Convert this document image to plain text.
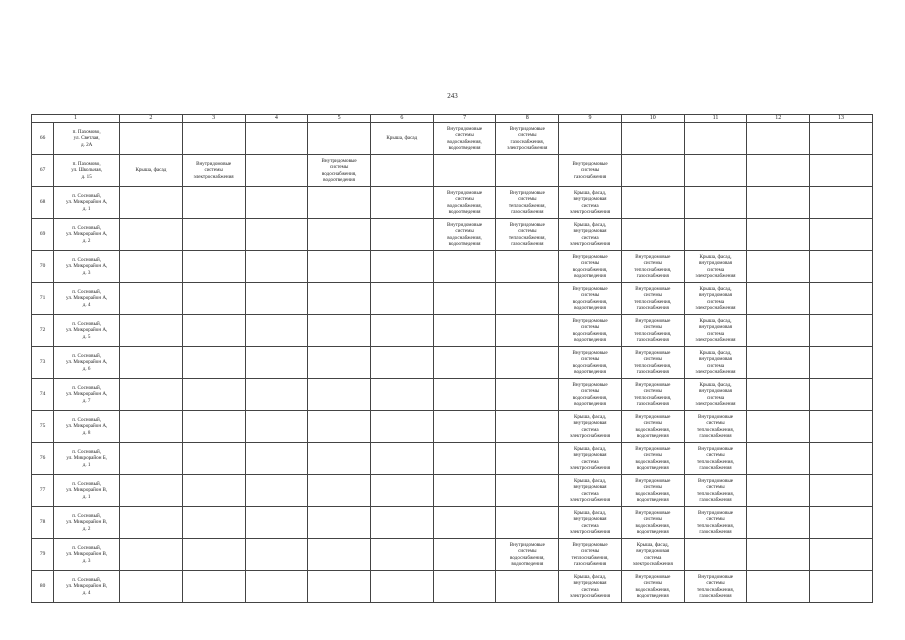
243
1		2	3	4	5	6	7	8	9	10	11	12	13
66	п. Пахомово,
ул. Светлая,
д. 2А					Крыша, фасад	Внутридомовые
системы
водоснабжения,
водоотведения	Внутридомовые
системы
газоснабжения,
электроснабжения					
67	п. Пахомово,
ул. Школьная,
д. 15	Крыша, фасад	Внутридомовые
системы
электроснабжения		Внутридомовые
системы
водоснабжения,
водоотведения				Внутридомовые
системы
газоснабжения				
68	п. Сосновый,
ул. Микрорайон А,
д. 1						Внутридомовые
системы
водоснабжения,
водоотведения	Внутридомовые
системы
теплоснабжения,
газоснабжения	Крыша, фасад,
внутридомовая
система
электроснабжения				
69	п. Сосновый,
ул. Микрорайон А,
д. 2						Внутридомовые
системы
водоснабжения,
водоотведения	Внутридомовые
системы
теплоснабжения,
газоснабжения	Крыша, фасад,
внутридомовая
система
электроснабжения				
70	п. Сосновый,
ул. Микрорайон А,
д. 3								Внутридомовые
системы
водоснабжения,
водоотведения	Внутридомовые
системы
теплоснабжения,
газоснабжения	Крыша, фасад,
внутридомовая
система
электроснабжения		
71	п. Сосновый,
ул. Микрорайон А,
д. 4								Внутридомовые
системы
водоснабжения,
водоотведения	Внутридомовые
системы
теплоснабжения,
газоснабжения	Крыша, фасад,
внутридомовая
система
электроснабжения		
72	п. Сосновый,
ул. Микрорайон А,
д. 5								Внутридомовые
системы
водоснабжения,
водоотведения	Внутридомовые
системы
теплоснабжения,
газоснабжения	Крыша, фасад,
внутридомовая
система
электроснабжения		
73	п. Сосновый,
ул. Микрорайон А,
д. 6								Внутридомовые
системы
водоснабжения,
водоотведения	Внутридомовые
системы
теплоснабжения,
газоснабжения	Крыша, фасад,
внутридомовая
система
электроснабжения		
74	п. Сосновый,
ул. Микрорайон А,
д. 7								Внутридомовые
системы
водоснабжения,
водоотведения	Внутридомовые
системы
теплоснабжения,
газоснабжения	Крыша, фасад,
внутридомовая
система
электроснабжения		
75	п. Сосновый,
ул. Микрорайон А,
д. 8								Крыша, фасад,
внутридомовая
система
электроснабжения	Внутридомовые
системы
водоснабжения,
водоотведения	Внутридомовые
системы
теплоснабжения,
газоснабжения		
76	п. Сосновый,
ул. Микрорайон Б,
д. 1								Крыша, фасад,
внутридомовая
система
электроснабжения	Внутридомовые
системы
водоснабжения,
водоотведения	Внутридомовые
системы
теплоснабжения,
газоснабжения		
77	п. Сосновый,
ул. Микрорайон В,
д. 1								Крыша, фасад,
внутридомовая
система
электроснабжения	Внутридомовые
системы
водоснабжения,
водоотведения	Внутридомовые
системы
теплоснабжения,
газоснабжения		
78	п. Сосновый,
ул. Микрорайон В,
д. 2								Крыша, фасад,
внутридомовая
система
электроснабжения	Внутридомовые
системы
водоснабжения,
водоотведения	Внутридомовые
системы
теплоснабжения,
газоснабжения		
79	п. Сосновый,
ул. Микрорайон В,
д. 3							Внутридомовые
системы
водоснабжения,
водоотведения	Внутридомовые
системы
теплоснабжения,
газоснабжения	Крыша, фасад,
внутридомовая
система
электроснабжения			
80	п. Сосновый,
ул. Микрорайон В,
д. 4								Крыша, фасад,
внутридомовая
система
электроснабжения	Внутридомовые
системы
водоснабжения,
водоотведения	Внутридомовые
системы
теплоснабжения,
газоснабжения		
